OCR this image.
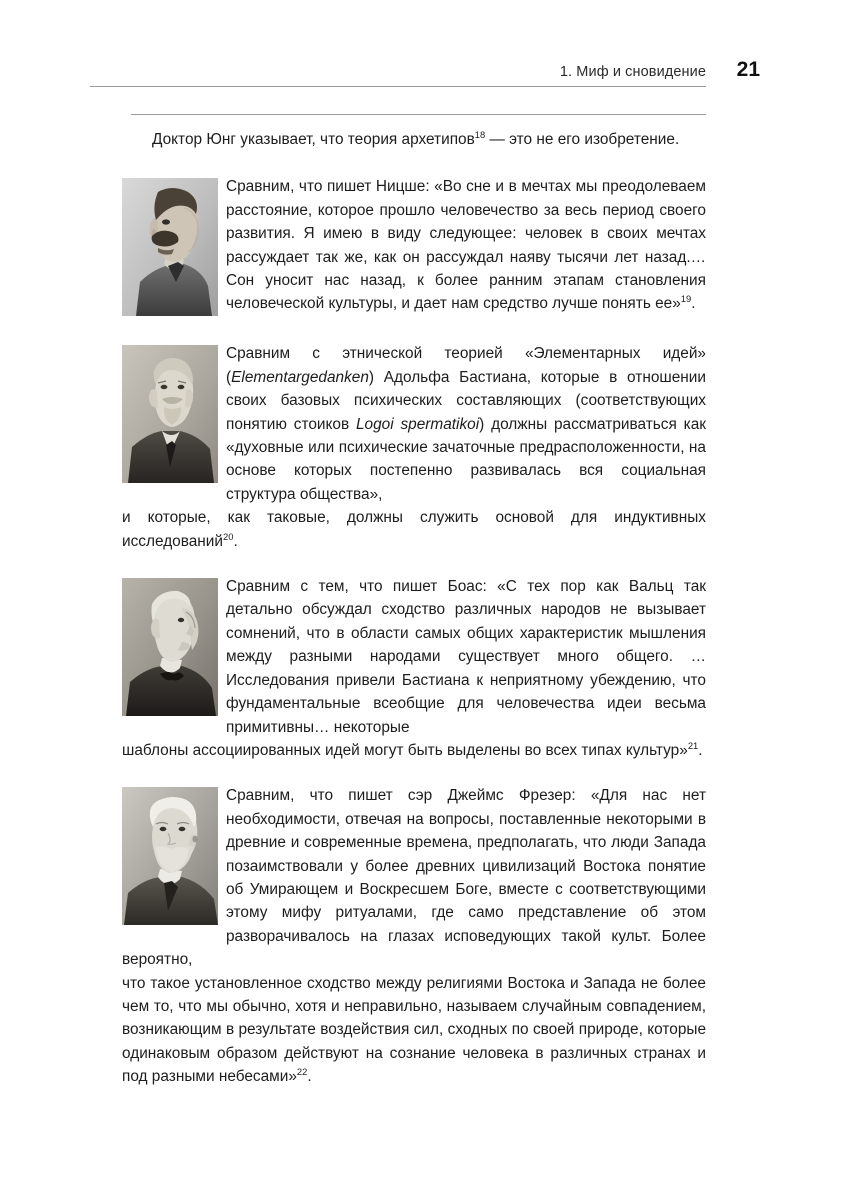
1. Миф и сновидение	21

Доктор Юнг указывает, что теория архетипов$^{18}$ — это не его изобретение.

Сравним, что пишет Ницше: «Во сне и в мечтах мы преодолеваем расстояние, которое прошло человечество за весь период своего развития. Я имею в виду следующее: человек в своих мечтах рассуждает так же, как он рассуждал наяву тысячи лет назад.… Сон уносит нас назад, к более ранним этапам становления человеческой культуры, и дает нам средство лучше понять ее»$^{19}$.

Сравним с этнической теорией «Элементарных идей» (Elementargedanken) Адольфа Бастиана, которые в отношении своих базовых психических составляющих (соответствующих понятию стоиков Logoi spermatikoi) должны рассматриваться как «духовные или психические зачаточные предрасположенности, на основе которых постепенно развивалась вся социальная структура общества»,

и которые, как таковые, должны служить основой для индуктивных исследований$^{20}$.

Сравним с тем, что пишет Боас: «С тех пор как Вальц так детально обсуждал сходство различных народов не вызывает сомнений, что в области самых общих характеристик мышления между разными народами существует много общего. …Исследования привели Бастиана к неприятному убеждению, что фундаментальные всеобщие для человечества идеи весьма примитивны… некоторые

шаблоны ассоциированных идей могут быть выделены во всех типах культур»$^{21}$.

Сравним, что пишет сэр Джеймс Фрезер: «Для нас нет необходимости, отвечая на вопросы, поставленные некоторыми в древние и современные времена, предполагать, что люди Запада позаимствовали у более древних цивилизаций Востока понятие об Умирающем и Воскресшем Боге, вместе с соответствующими этому мифу ритуалами, где само представление об этом разворачивалось на глазах исповедующих такой культ. Более вероятно,

что такое установленное сходство между религиями Востока и Запада не более чем то, что мы обычно, хотя и неправильно, называем случайным совпадением, возникающим в результате воздействия сил, сходных по своей природе, которые одинаковым образом действуют на сознание человека в различных странах и под разными небесами»$^{22}$.
